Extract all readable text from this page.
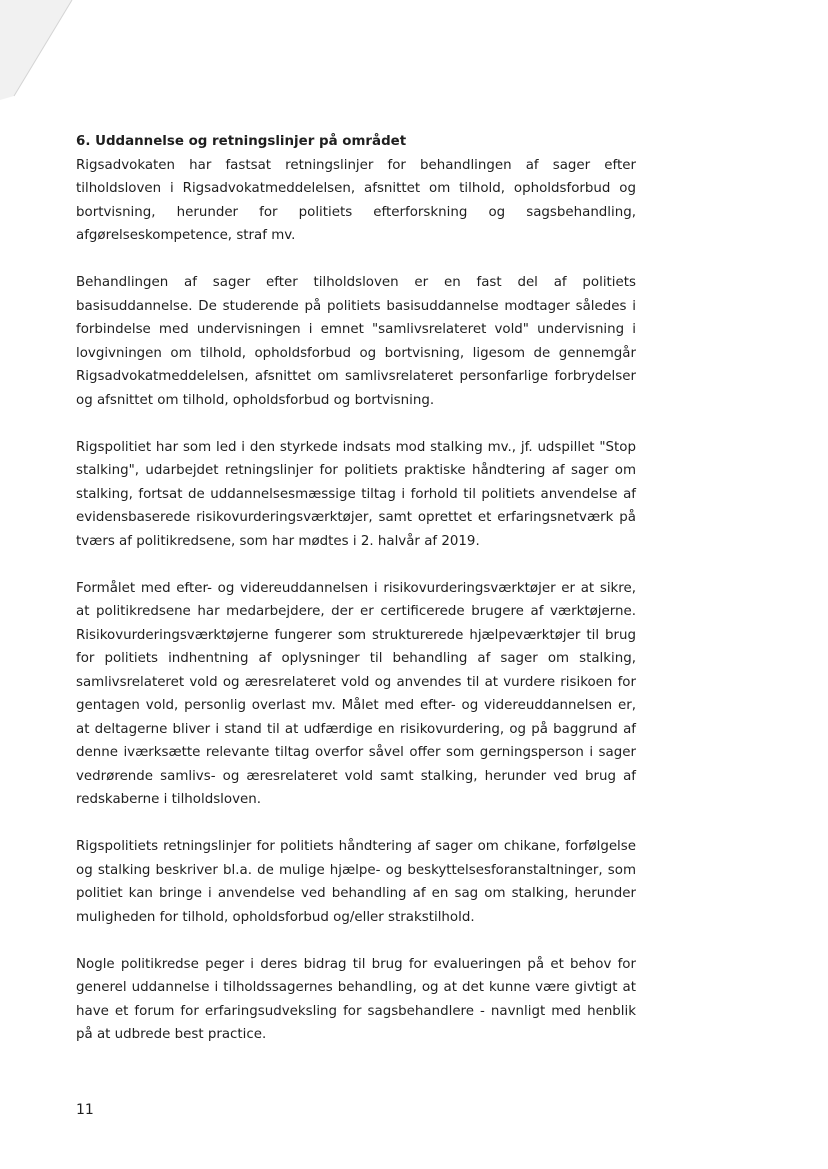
6. Uddannelse og retningslinjer på området

Rigsadvokaten har fastsat retningslinjer for behandlingen af sager efter tilholdsloven i Rigsadvokatmeddelelsen, afsnittet om tilhold, opholdsforbud og bortvisning, herunder for politiets efterforskning og sagsbehandling, afgørelseskompetence, straf mv.

Behandlingen af sager efter tilholdsloven er en fast del af politiets basisuddannelse. De studerende på politiets basisuddannelse modtager således i forbindelse med undervisningen i emnet "samlivsrelateret vold" undervisning i lovgivningen om tilhold, opholdsforbud og bortvisning, ligesom de gennemgår Rigsadvokatmeddelelsen, afsnittet om samlivsrelateret personfarlige forbrydelser og afsnittet om tilhold, opholdsforbud og bortvisning.

Rigspolitiet har som led i den styrkede indsats mod stalking mv., jf. udspillet "Stop stalking", udarbejdet retningslinjer for politiets praktiske håndtering af sager om stalking, fortsat de uddannelsesmæssige tiltag i forhold til politiets anvendelse af evidensbaserede risikovurderingsværktøjer, samt oprettet et erfaringsnetværk på tværs af politikredsene, som har mødtes i 2. halvår af 2019.

Formålet med efter- og videreuddannelsen i risikovurderingsværktøjer er at sikre, at politikredsene har medarbejdere, der er certificerede brugere af værktøjerne. Risikovurderingsværktøjerne fungerer som strukturerede hjælpeværktøjer til brug for politiets indhentning af oplysninger til behandling af sager om stalking, samlivsrelateret vold og æresrelateret vold og anvendes til at vurdere risikoen for gentagen vold, personlig overlast mv. Målet med efter- og videreuddannelsen er, at deltagerne bliver i stand til at udfærdige en risikovurdering, og på baggrund af denne iværksætte relevante tiltag overfor såvel offer som gerningsperson i sager vedrørende samlivs- og æresrelateret vold samt stalking, herunder ved brug af redskaberne i tilholdsloven.

Rigspolitiets retningslinjer for politiets håndtering af sager om chikane, forfølgelse og stalking beskriver bl.a. de mulige hjælpe- og beskyttelsesforanstaltninger, som politiet kan bringe i anvendelse ved behandling af en sag om stalking, herunder muligheden for tilhold, opholdsforbud og/eller strakstilhold.

Nogle politikredse peger i deres bidrag til brug for evalueringen på et behov for generel uddannelse i tilholdssagernes behandling, og at det kunne være givtigt at have et forum for erfaringsudveksling for sagsbehandlere - navnligt med henblik på at udbrede best practice.

11
